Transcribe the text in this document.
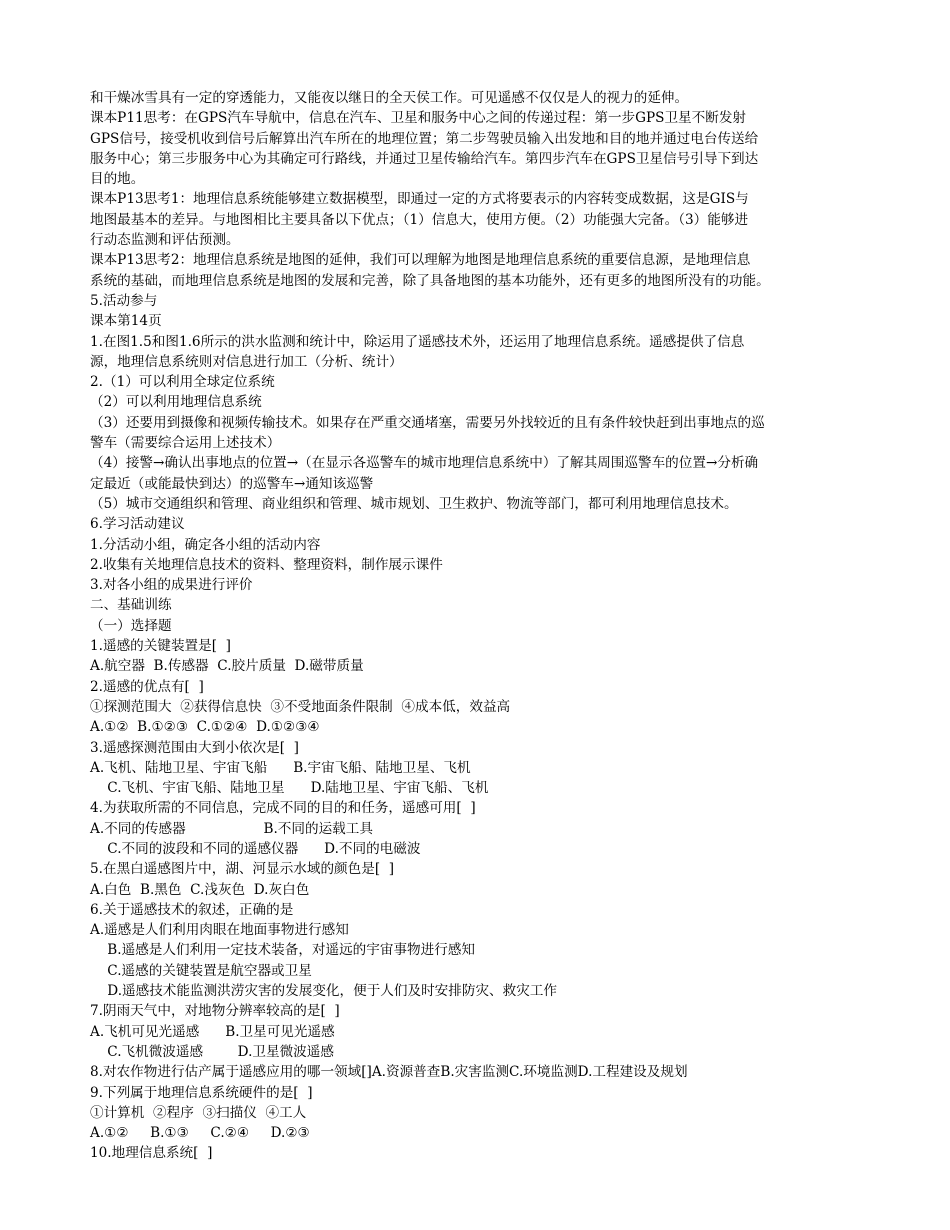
和干燥冰雪具有一定的穿透能力，又能夜以继日的全天侯工作。可见遥感不仅仅是人的视力的延伸。
课本P11思考：在GPS汽车导航中，信息在汽车、卫星和服务中心之间的传递过程：第一步GPS卫星不断发射
GPS信号，接受机收到信号后解算出汽车所在的地理位置；第二步驾驶员输入出发地和目的地并通过电台传送给
服务中心；第三步服务中心为其确定可行路线，并通过卫星传输给汽车。第四步汽车在GPS卫星信号引导下到达
目的地。
课本P13思考1：地理信息系统能够建立数据模型，即通过一定的方式将要表示的内容转变成数据，这是GIS与
地图最基本的差异。与地图相比主要具备以下优点；（1）信息大，使用方便。（2）功能强大完备。（3）能够进
行动态监测和评估预测。
课本P13思考2：地理信息系统是地图的延伸，我们可以理解为地图是地理信息系统的重要信息源，是地理信息
系统的基础，而地理信息系统是地图的发展和完善，除了具备地图的基本功能外，还有更多的地图所没有的功能。
5.活动参与
课本第14页
1.在图1.5和图1.6所示的洪水监测和统计中，除运用了遥感技术外，还运用了地理信息系统。遥感提供了信息
源，地理信息系统则对信息进行加工（分析、统计）
2.（1）可以利用全球定位系统
（2）可以利用地理信息系统
（3）还要用到摄像和视频传输技术。如果存在严重交通堵塞，需要另外找较近的且有条件较快赶到出事地点的巡
警车（需要综合运用上述技术）
（4）接警→确认出事地点的位置→（在显示各巡警车的城市地理信息系统中）了解其周围巡警车的位置→分析确
定最近（或能最快到达）的巡警车→通知该巡警
（5）城市交通组织和管理、商业组织和管理、城市规划、卫生救护、物流等部门，都可利用地理信息技术。
6.学习活动建议
1.分活动小组，确定各小组的活动内容
2.收集有关地理信息技术的资料、整理资料，制作展示课件
3.对各小组的成果进行评价
二、基础训练
（一）选择题
1.遥感的关键装置是[  ]
A.航空器  B.传感器  C.胶片质量  D.磁带质量
2.遥感的优点有[  ]
①探测范围大  ②获得信息快  ③不受地面条件限制  ④成本低，效益高
A.①②  B.①②③  C.①②④  D.①②③④
3.遥感探测范围由大到小依次是[  ]
A.飞机、陆地卫星、宇宙飞船      B.宇宙飞船、陆地卫星、飞机
C.飞机、宇宙飞船、陆地卫星      D.陆地卫星、宇宙飞船、飞机
4.为获取所需的不同信息，完成不同的目的和任务，遥感可用[  ]
A.不同的传感器                  B.不同的运载工具
C.不同的波段和不同的遥感仪器      D.不同的电磁波
5.在黑白遥感图片中，湖、河显示水域的颜色是[  ]
A.白色  B.黑色  C.浅灰色  D.灰白色
6.关于遥感技术的叙述，正确的是
A.遥感是人们利用肉眼在地面事物进行感知
B.遥感是人们利用一定技术装备，对遥远的宇宙事物进行感知
C.遥感的关键装置是航空器或卫星
D.遥感技术能监测洪涝灾害的发展变化，便于人们及时安排防灾、救灾工作
7.阴雨天气中，对地物分辨率较高的是[  ]
A.飞机可见光遥感      B.卫星可见光遥感
C.飞机微波遥感        D.卫星微波遥感
8.对农作物进行估产属于遥感应用的哪一领域[]A.资源普查B.灾害监测C.环境监测D.工程建设及规划
9.下列属于地理信息系统硬件的是[  ]
①计算机  ②程序  ③扫描仪  ④工人
A.①②     B.①③     C.②④     D.②③
10.地理信息系统[  ]
